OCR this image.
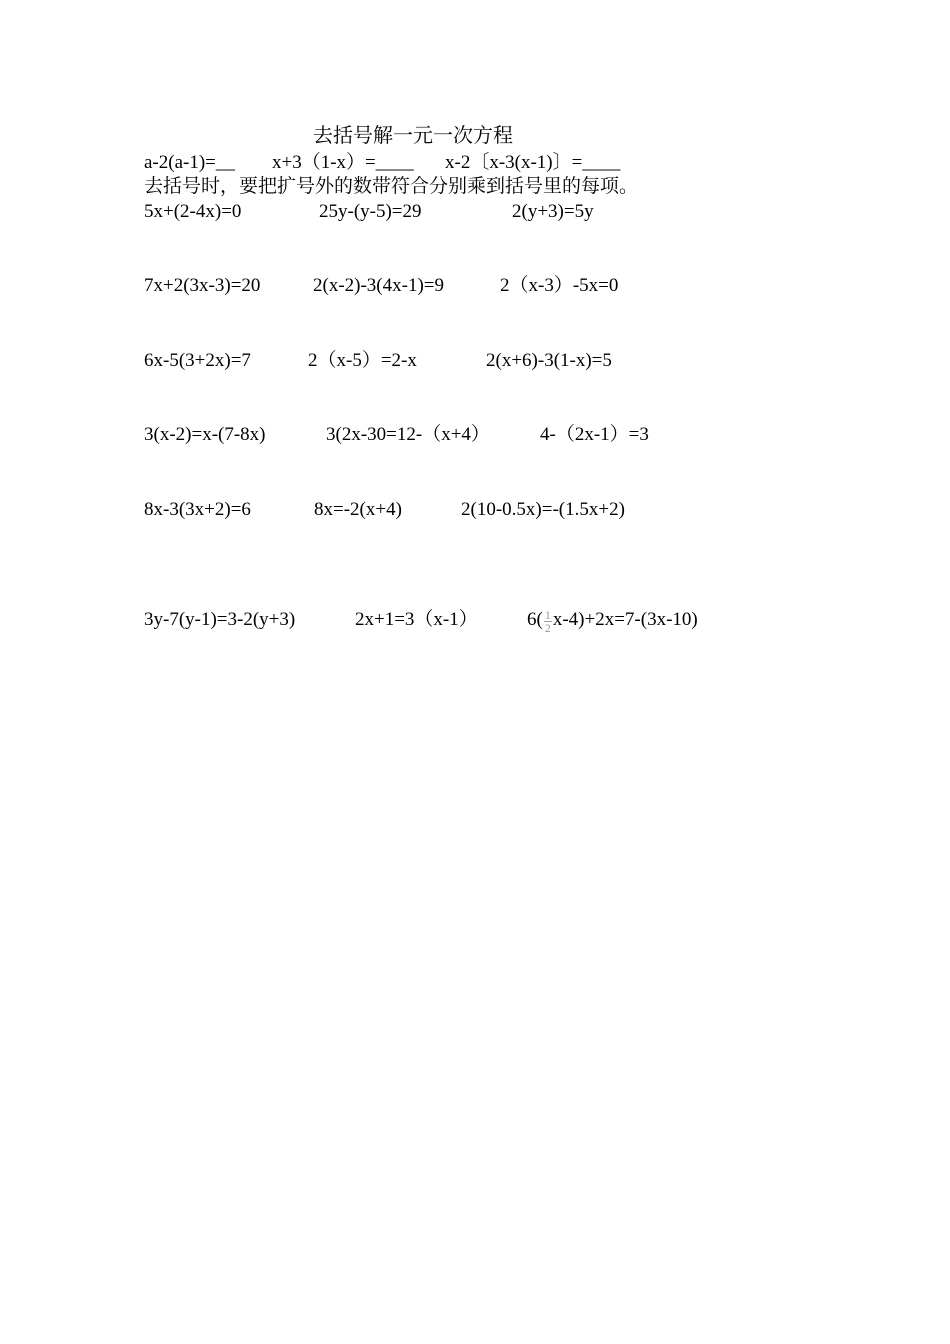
去括号解一元一次方程
a-2(a-1)=__ x+3（1-x）=____ x-2〔x-3(x-1)〕=____
去括号时，要把扩号外的数带符合分别乘到括号里的每项。
5x+(2-4x)=0	25y-(y-5)=29	2(y+3)=5y
7x+2(3x-3)=20	2(x-2)-3(4x-1)=9	2（x-3）-5x=0
6x-5(3+2x)=7	2（x-5）=2-x	2(x+6)-3(1-x)=5
3(x-2)=x-(7-8x)	3(2x-30=12-（x+4）	4-（2x-1）=3
8x-3(3x+2)=6	8x=-2(x+4)	2(10-0.5x)=-(1.5x+2)
3y-7(y-1)=3-2(y+3)	2x+1=3（x-1）	$6( \frac{1}{2} x-4)+2x=7-(3x-10)$
